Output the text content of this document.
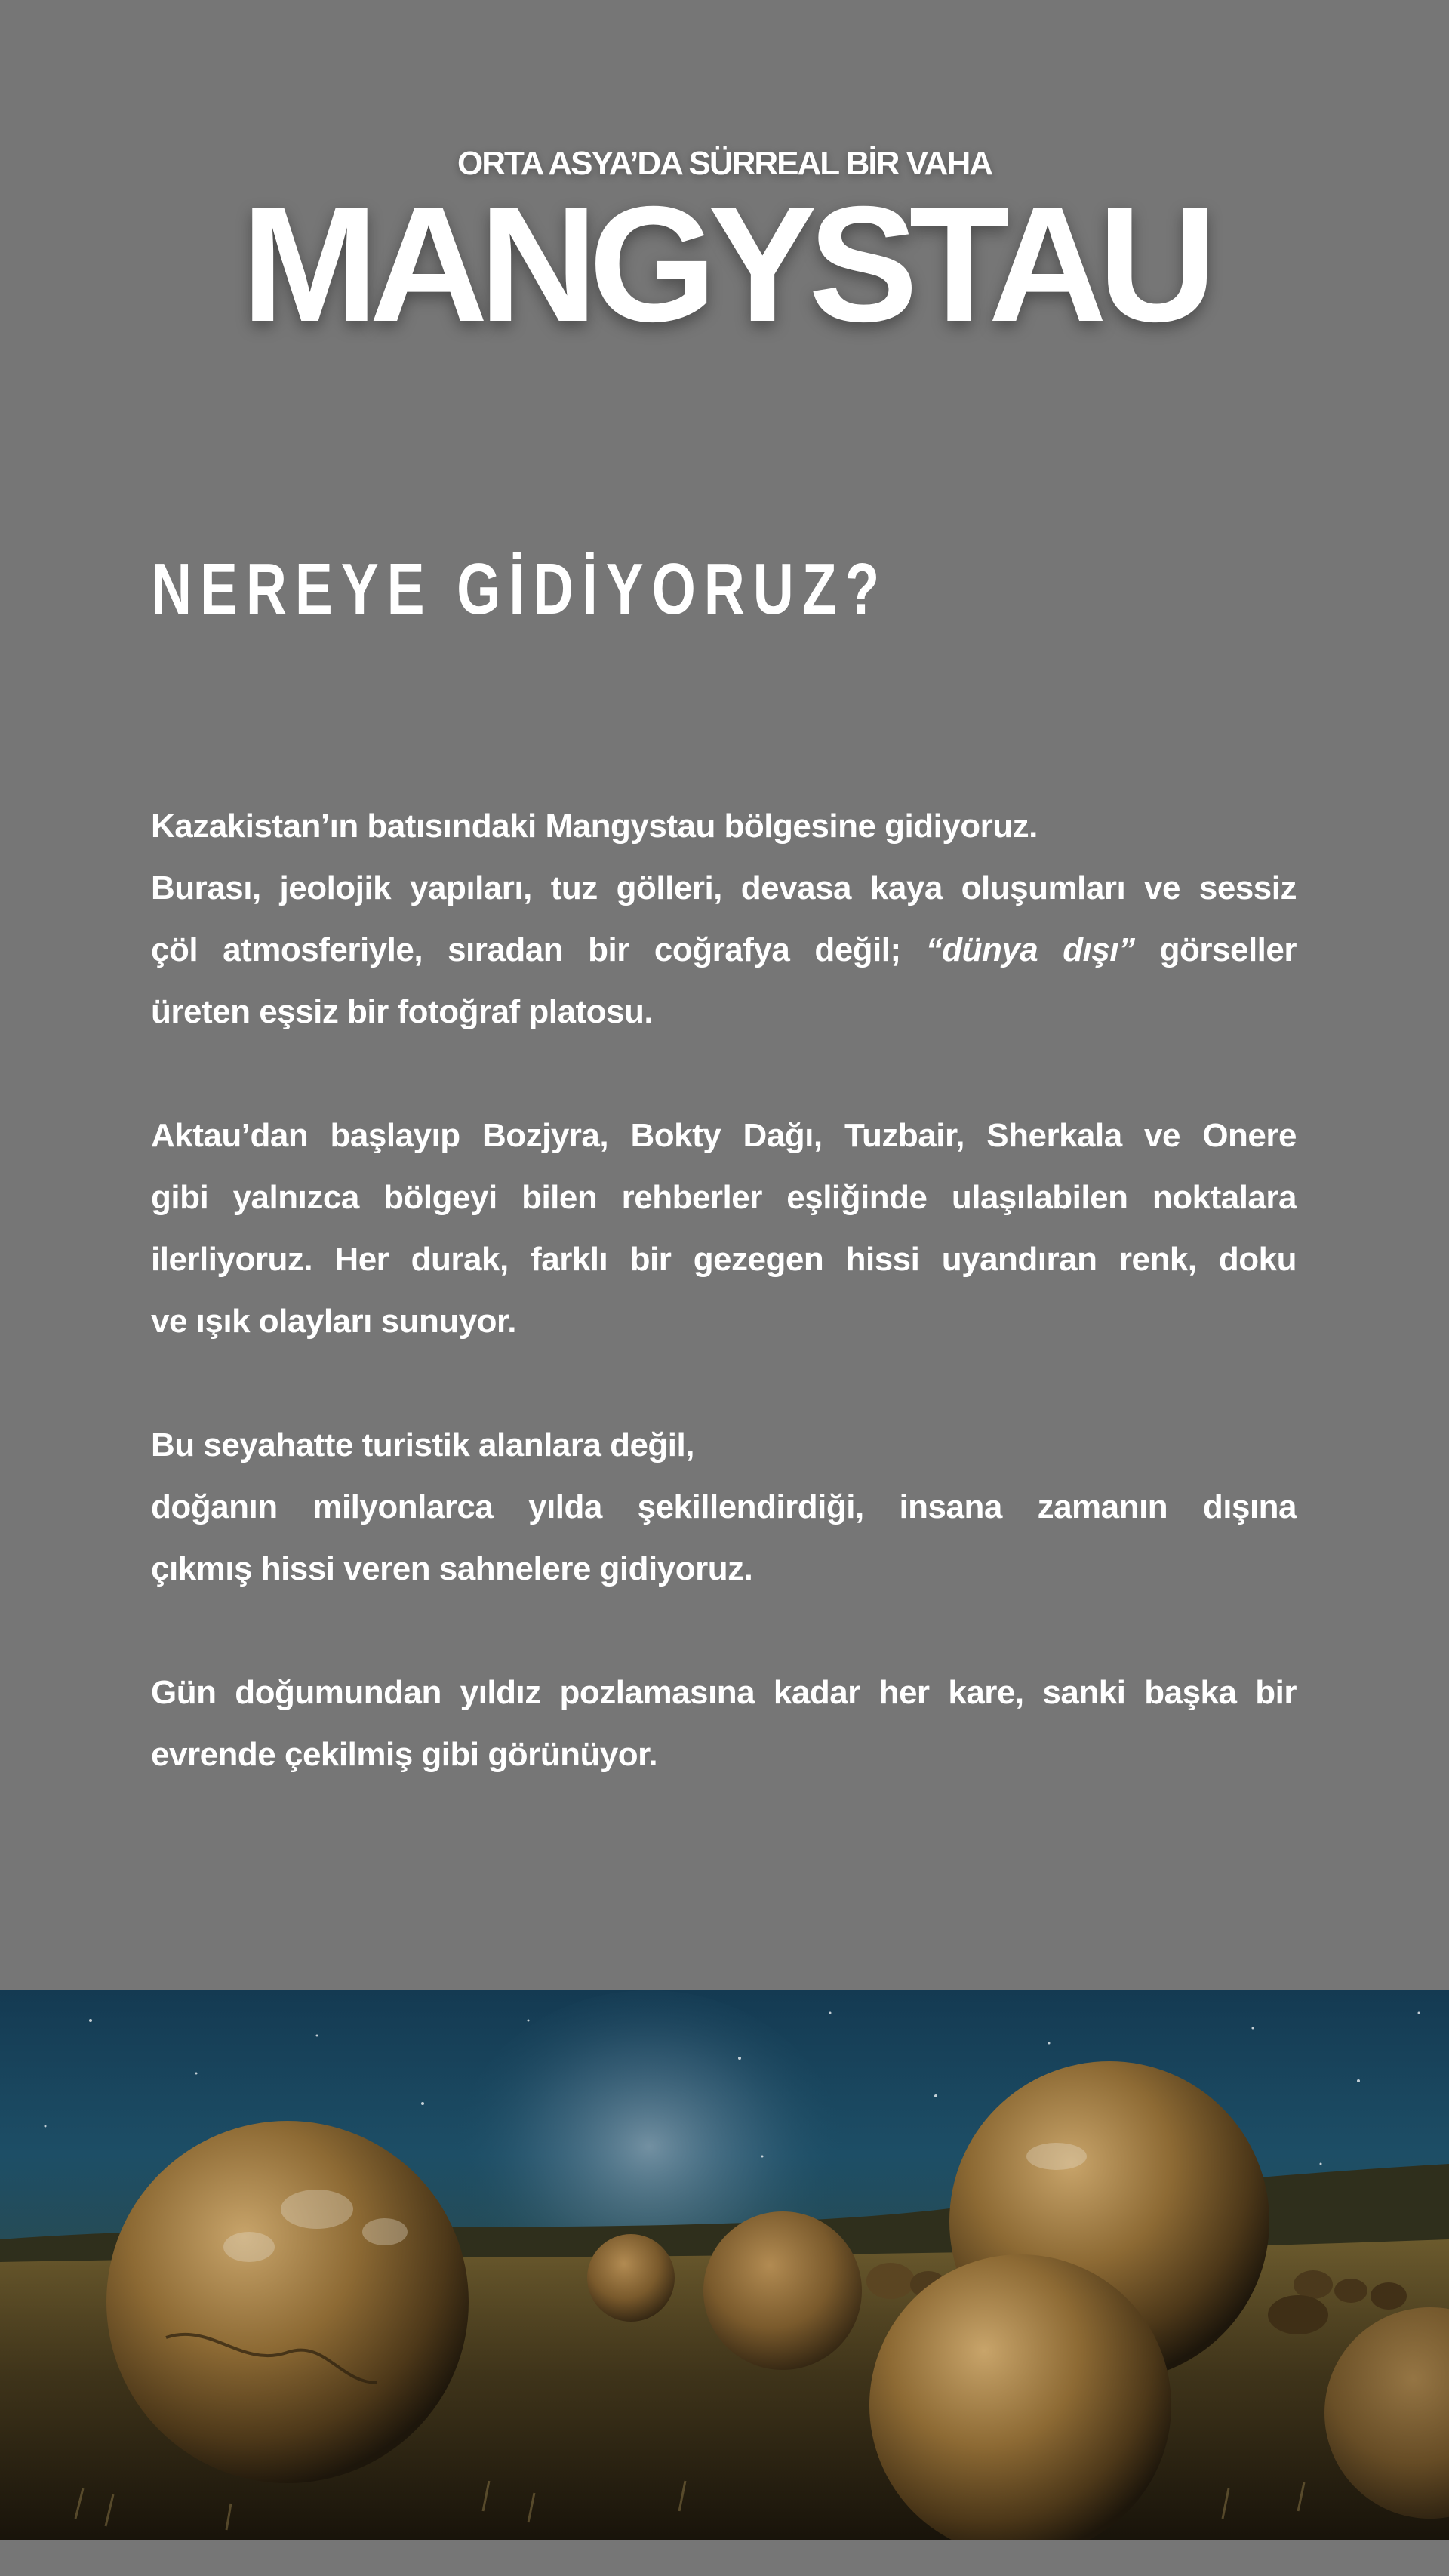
ORTA ASYA’DA SÜRREAL BİR VAHA
MANGYSTAU
NEREYE GİDİYORUZ?

Kazakistan’ın batısındaki Mangystau bölgesine gidiyoruz.
Burası, jeolojik yapıları, tuz gölleri, devasa kaya oluşumları ve sessiz
çöl atmosferiyle, sıradan bir coğrafya değil; “dünya dışı” görseller
üreten eşsiz bir fotoğraf platosu.

Aktau’dan başlayıp Bozjyra, Bokty Dağı, Tuzbair, Sherkala ve Onere
gibi yalnızca bölgeyi bilen rehberler eşliğinde ulaşılabilen noktalara
ilerliyoruz. Her durak, farklı bir gezegen hissi uyandıran renk, doku
ve ışık olayları sunuyor.

Bu seyahatte turistik alanlara değil,
doğanın milyonlarca yılda şekillendirdiği, insana zamanın dışına
çıkmış hissi veren sahnelere gidiyoruz.

Gün doğumundan yıldız pozlamasına kadar her kare, sanki başka bir
evrende çekilmiş gibi görünüyor.
